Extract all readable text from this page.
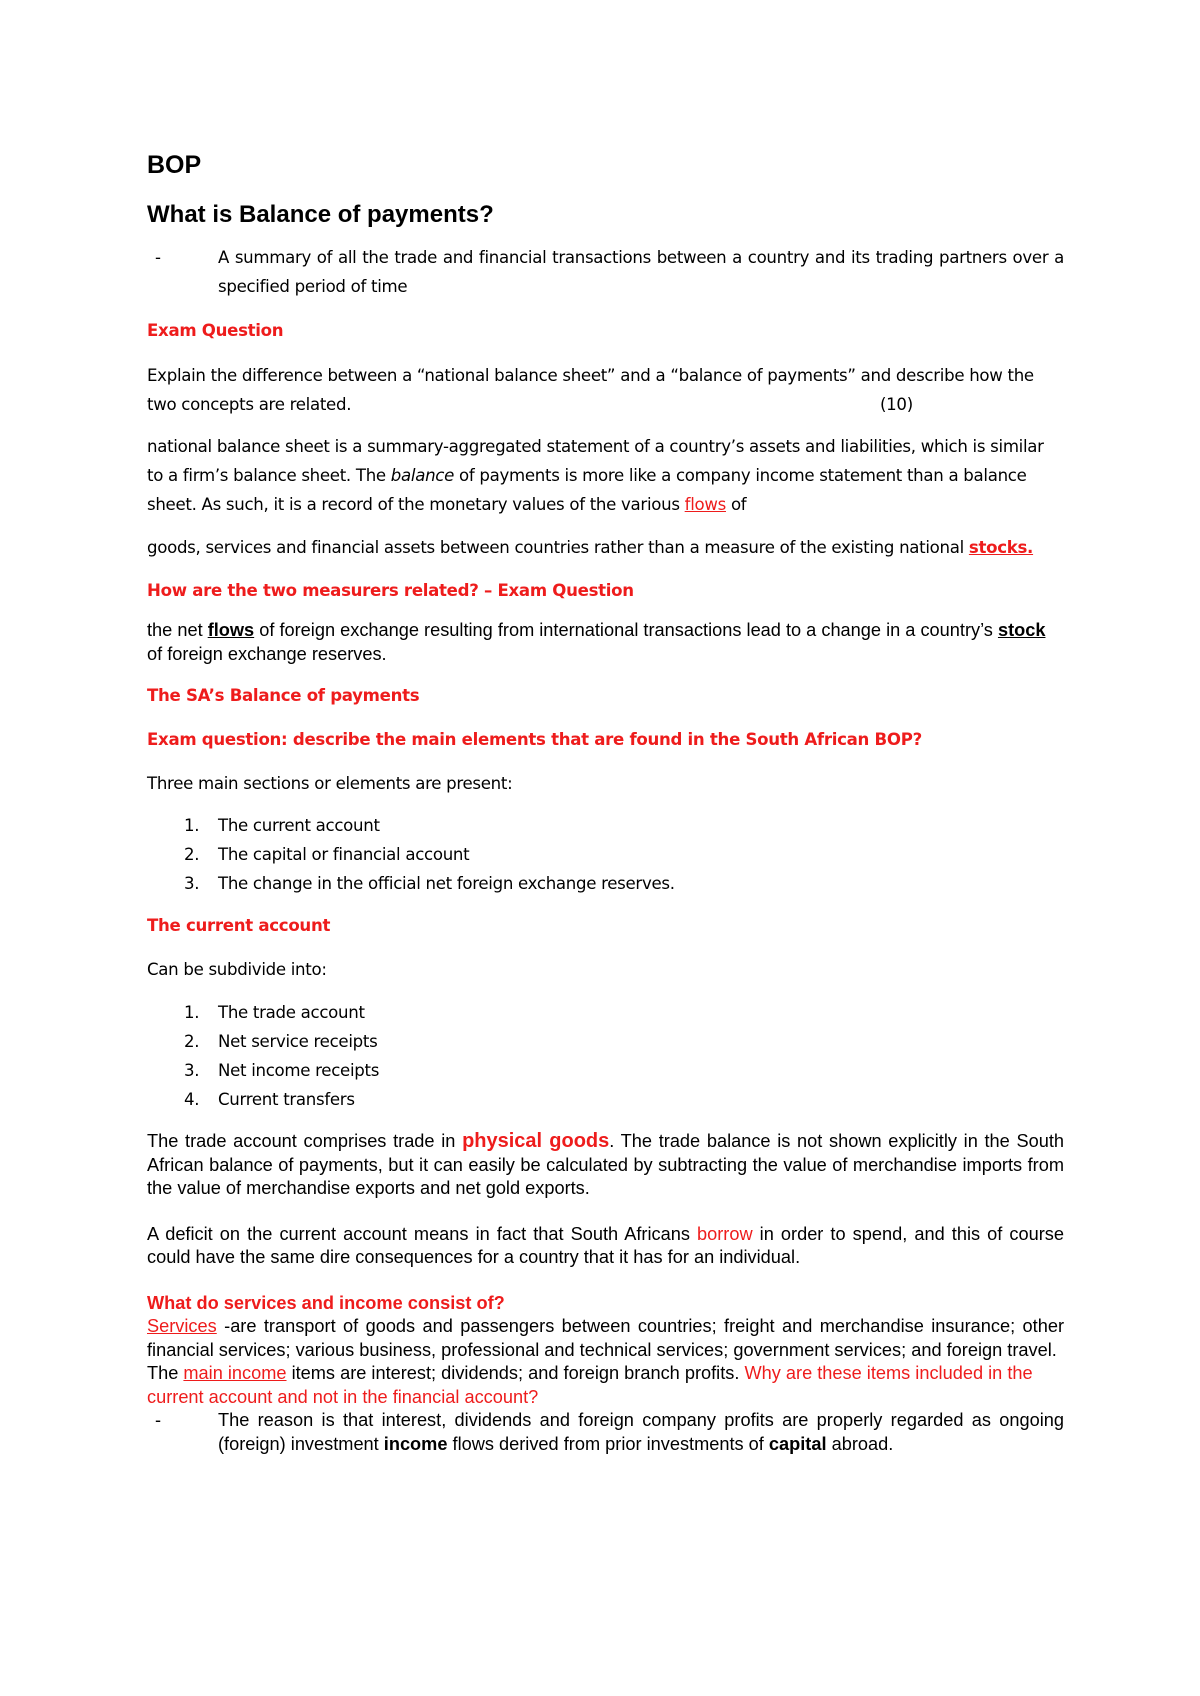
BOP
What is Balance of payments?
-	A summary of all the trade and financial transactions between a country and its trading partners over a specified period of time

Exam Question

Explain the difference between a “national balance sheet” and a “balance of payments” and describe how the two concepts are related.	(10)

national balance sheet is a summary-aggregated statement of a country’s assets and liabilities, which is similar to a firm’s balance sheet. The balance of payments is more like a company income statement than a balance sheet. As such, it is a record of the monetary values of the various flows of

goods, services and financial assets between countries rather than a measure of the existing national stocks.

How are the two measurers related? – Exam Question

the net flows of foreign exchange resulting from international transactions lead to a change in a country’s stock of foreign exchange reserves.

The SA’s Balance of payments

Exam question: describe the main elements that are found in the South African BOP?

Three main sections or elements are present:

1. The current account
2. The capital or financial account
3. The change in the official net foreign exchange reserves.

The current account

Can be subdivide into:

1. The trade account
2. Net service receipts
3. Net income receipts
4. Current transfers

The trade account comprises trade in physical goods. The trade balance is not shown explicitly in the South African balance of payments, but it can easily be calculated by subtracting the value of merchandise imports from the value of merchandise exports and net gold exports.

A deficit on the current account means in fact that South Africans borrow in order to spend, and this of course could have the same dire consequences for a country that it has for an individual.

What do services and income consist of?

Services -are transport of goods and passengers between countries; freight and merchandise insurance; other financial services; various business, professional and technical services; government services; and foreign travel.

The main income items are interest; dividends; and foreign branch profits. Why are these items included in the current account and not in the financial account?

-	The reason is that interest, dividends and foreign company profits are properly regarded as ongoing (foreign) investment income flows derived from prior investments of capital abroad.
